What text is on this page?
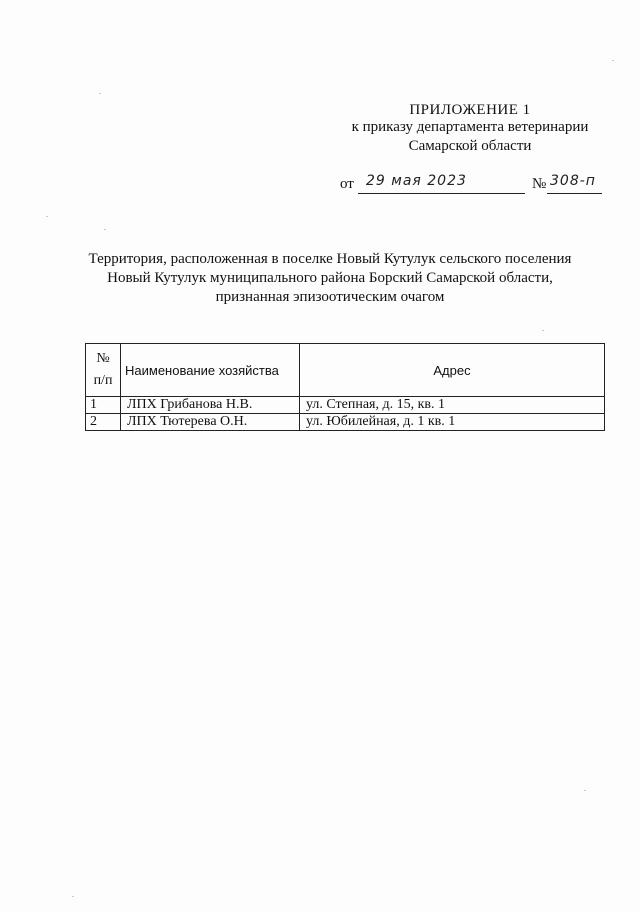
ПРИЛОЖЕНИЕ 1
к приказу департамента ветеринарии
Самарской области
от 29 мая 2023	№ 308-п
Территория, расположенная в поселке Новый Кутулук сельского поселения
Новый Кутулук муниципального района Борский Самарской области,
признанная эпизоотическим очагом
№
п/п	Наименование хозяйства	Адрес
1	ЛПХ Грибанова Н.В.	ул. Степная, д. 15, кв. 1
2	ЛПХ Тютерева О.Н.	ул. Юбилейная, д. 1 кв. 1
